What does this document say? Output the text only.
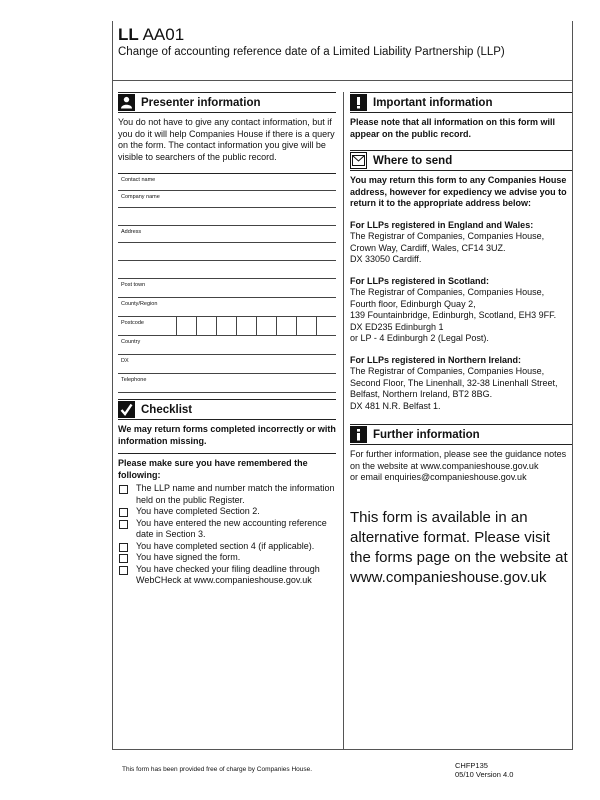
LL AA01
Change of accounting reference date of a Limited Liability Partnership (LLP)
Presenter information
You do not have to give any contact information, but if you do it will help Companies House if there is a query on the form. The contact information you give will be visible to searchers of the public record.
Contact name
Company name
Address
Post town
County/Region
Postcode
Country
DX
Telephone
Checklist
We may return forms completed incorrectly or with information missing.
Please make sure you have remembered the following:
The LLP name and number match the information held on the public Register.
You have completed Section 2.
You have entered the new accounting reference date in Section 3.
You have completed section 4 (if applicable).
You have signed the form.
You have checked your filing deadline through WebCHeck at www.companieshouse.gov.uk
Important information
Please note that all information on this form will appear on the public record.
Where to send
You may return this form to any Companies House address, however for expediency we advise you to return it to the appropriate address below:
For LLPs registered in England and Wales:
The Registrar of Companies, Companies House,
Crown Way, Cardiff, Wales, CF14 3UZ.
DX 33050 Cardiff.
For LLPs registered in Scotland:
The Registrar of Companies, Companies House,
Fourth floor, Edinburgh Quay 2,
139 Fountainbridge, Edinburgh, Scotland, EH3 9FF.
DX ED235 Edinburgh 1
or LP - 4 Edinburgh 2 (Legal Post).
For LLPs registered in Northern Ireland:
The Registrar of Companies, Companies House,
Second Floor, The Linenhall, 32-38 Linenhall Street,
Belfast, Northern Ireland, BT2 8BG.
DX 481 N.R. Belfast 1.
Further information
For further information, please see the guidance notes on the website at www.companieshouse.gov.uk
or email enquiries@companieshouse.gov.uk
This form is available in an alternative format. Please visit the forms page on the website at www.companieshouse.gov.uk
This form has been provided free of charge by Companies House.	CHFP135
05/10 Version 4.0
